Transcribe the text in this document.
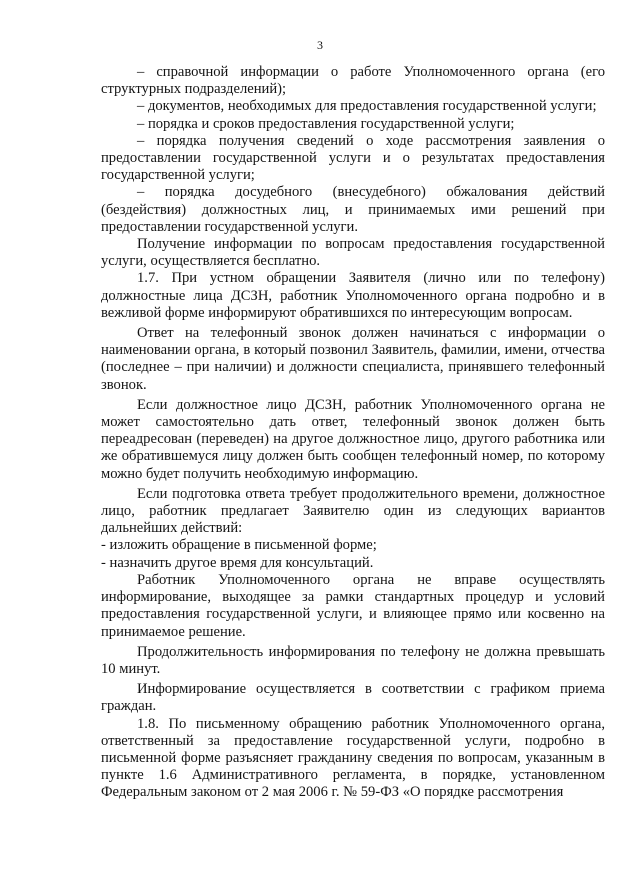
3

– справочной информации о работе Уполномоченного органа (его структурных подразделений);

– документов, необходимых для предоставления государственной услуги;

– порядка и сроков предоставления государственной услуги;

– порядка получения сведений о ходе рассмотрения заявления о предоставлении государственной услуги и о результатах предоставления государственной услуги;

– порядка досудебного (внесудебного) обжалования действий (бездействия) должностных лиц, и принимаемых ими решений при предоставлении государственной услуги.

Получение информации по вопросам предоставления государственной услуги, осуществляется бесплатно.

1.7. При устном обращении Заявителя (лично или по телефону) должностные лица ДСЗН, работник Уполномоченного органа подробно и в вежливой форме информируют обратившихся по интересующим вопросам.

Ответ на телефонный звонок должен начинаться с информации о наименовании органа, в который позвонил Заявитель, фамилии, имени, отчества (последнее – при наличии) и должности специалиста, принявшего телефонный звонок.

Если должностное лицо ДСЗН, работник Уполномоченного органа не может самостоятельно дать ответ, телефонный звонок должен быть переадресован (переведен) на другое должностное лицо, другого работника или же обратившемуся лицу должен быть сообщен телефонный номер, по которому можно будет получить необходимую информацию.

Если подготовка ответа требует продолжительного времени, должностное лицо, работник предлагает Заявителю один из следующих вариантов дальнейших действий:

- изложить обращение в письменной форме;

- назначить другое время для консультаций.

Работник Уполномоченного органа не вправе осуществлять информирование, выходящее за рамки стандартных процедур и условий предоставления государственной услуги, и влияющее прямо или косвенно на принимаемое решение.

Продолжительность информирования по телефону не должна превышать 10 минут.

Информирование осуществляется в соответствии с графиком приема граждан.

1.8. По письменному обращению работник Уполномоченного органа, ответственный за предоставление государственной услуги, подробно в письменной форме разъясняет гражданину сведения по вопросам, указанным в пункте 1.6 Административного регламента, в порядке, установленном Федеральным законом от 2 мая 2006 г. № 59-ФЗ «О порядке рассмотрения
